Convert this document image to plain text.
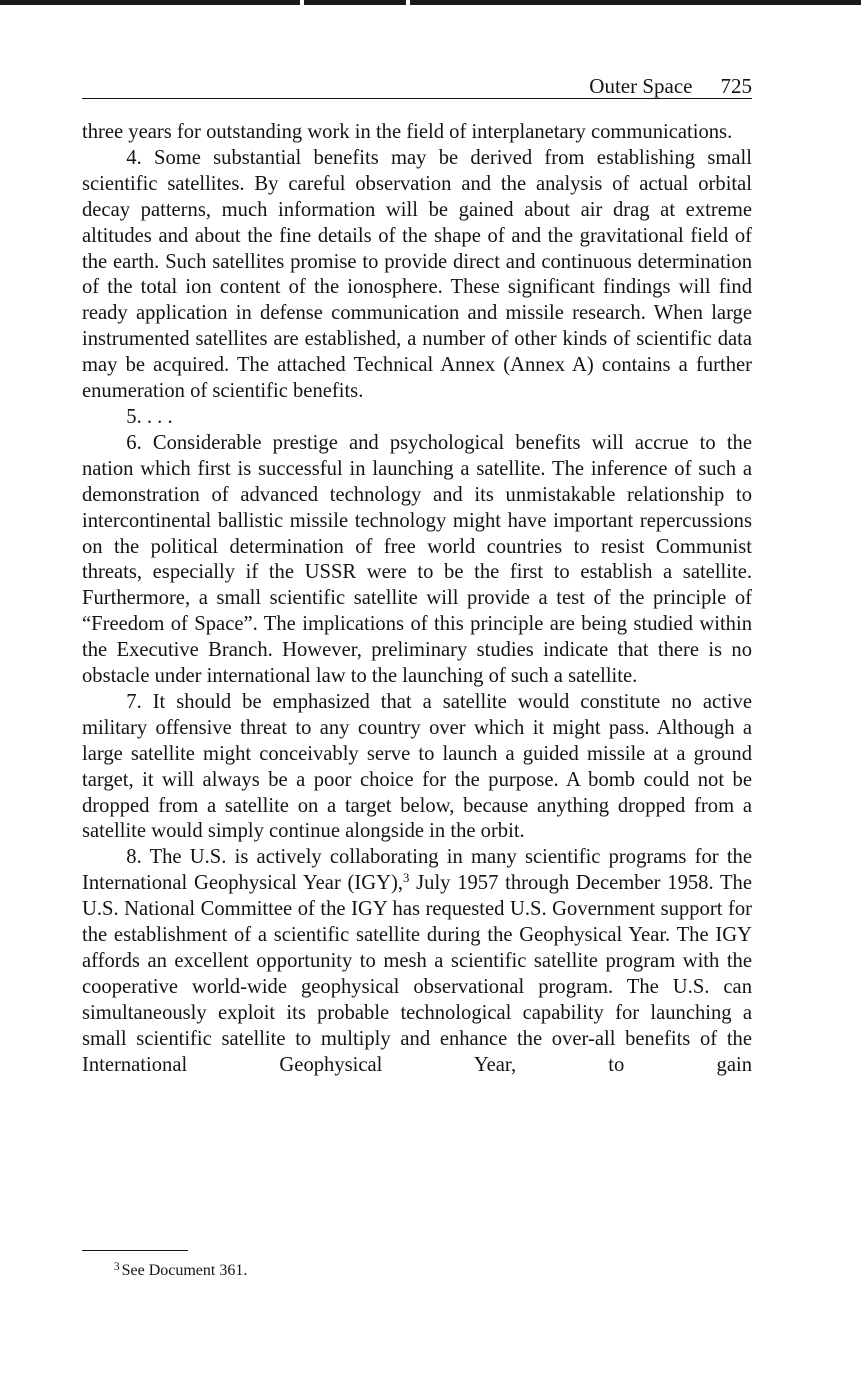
Outer Space 725

three years for outstanding work in the field of interplanetary communications.

4. Some substantial benefits may be derived from establishing small scientific satellites. By careful observation and the analysis of actual orbital decay patterns, much information will be gained about air drag at extreme altitudes and about the fine details of the shape of and the gravitational field of the earth. Such satellites promise to provide direct and continuous determination of the total ion content of the ionosphere. These significant findings will find ready application in defense communication and missile research. When large instrumented satellites are established, a number of other kinds of scientific data may be acquired. The attached Technical Annex (Annex A) contains a further enumeration of scientific benefits.

5. . . .

6. Considerable prestige and psychological benefits will accrue to the nation which first is successful in launching a satellite. The inference of such a demonstration of advanced technology and its unmistakable relationship to intercontinental ballistic missile technology might have important repercussions on the political determination of free world countries to resist Communist threats, especially if the USSR were to be the first to establish a satellite. Furthermore, a small scientific satellite will provide a test of the principle of “Freedom of Space”. The implications of this principle are being studied within the Executive Branch. However, preliminary studies indicate that there is no obstacle under international law to the launching of such a satellite.

7. It should be emphasized that a satellite would constitute no active military offensive threat to any country over which it might pass. Although a large satellite might conceivably serve to launch a guided missile at a ground target, it will always be a poor choice for the purpose. A bomb could not be dropped from a satellite on a target below, because anything dropped from a satellite would simply continue alongside in the orbit.

8. The U.S. is actively collaborating in many scientific programs for the International Geophysical Year (IGY),$^3$ July 1957 through December 1958. The U.S. National Committee of the IGY has requested U.S. Government support for the establishment of a scientific satellite during the Geophysical Year. The IGY affords an excellent opportunity to mesh a scientific satellite program with the cooperative world-wide geophysical observational program. The U.S. can simultaneously exploit its probable technological capability for launching a small scientific satellite to multiply and enhance the over-all benefits of the International Geophysical Year, to gain

$^3$ See Document 361.
